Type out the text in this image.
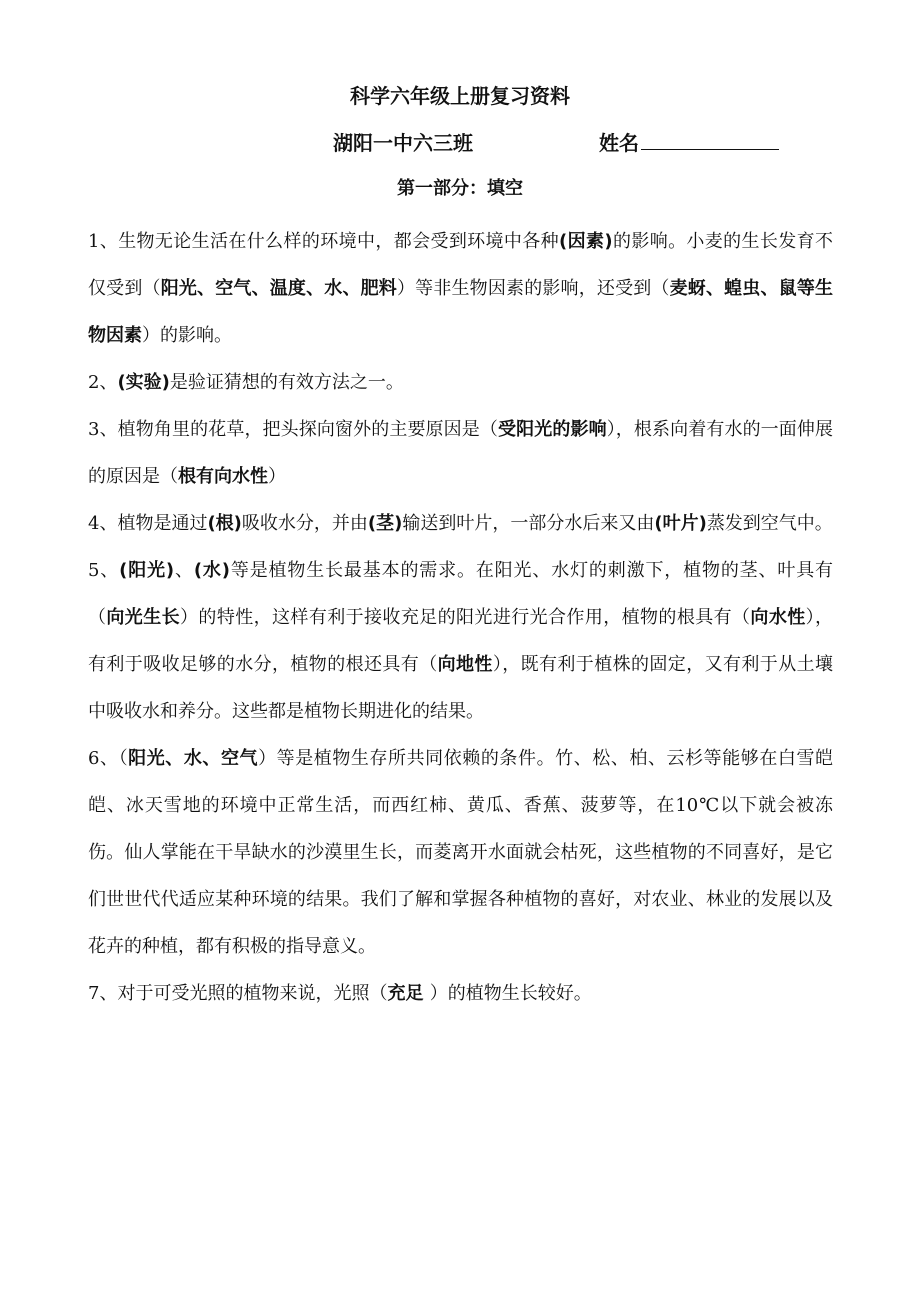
科学六年级上册复习资料
湖阳一中六三班	姓名
第一部分：填空

1、生物无论生活在什么样的环境中，都会受到环境中各种(因素)的影响。小麦的生长发育不仅受到（阳光、空气、温度、水、肥料）等非生物因素的影响，还受到（麦蚜、蝗虫、鼠等生物因素）的影响。

2、(实验)是验证猜想的有效方法之一。

3、植物角里的花草，把头探向窗外的主要原因是（受阳光的影响），根系向着有水的一面伸展的原因是（根有向水性）

4、植物是通过(根)吸收水分，并由(茎)输送到叶片，一部分水后来又由(叶片)蒸发到空气中。

5、(阳光)、(水)等是植物生长最基本的需求。在阳光、水灯的刺激下，植物的茎、叶具有（向光生长）的特性，这样有利于接收充足的阳光进行光合作用，植物的根具有（向水性），有利于吸收足够的水分，植物的根还具有（向地性），既有利于植株的固定，又有利于从土壤中吸收水和养分。这些都是植物长期进化的结果。

6、（阳光、水、空气）等是植物生存所共同依赖的条件。竹、松、柏、云杉等能够在白雪皑皑、冰天雪地的环境中正常生活，而西红柿、黄瓜、香蕉、菠萝等，在10℃以下就会被冻伤。仙人掌能在干旱缺水的沙漠里生长，而菱离开水面就会枯死，这些植物的不同喜好，是它们世世代代适应某种环境的结果。我们了解和掌握各种植物的喜好，对农业、林业的发展以及花卉的种植，都有积极的指导意义。

7、对于可受光照的植物来说，光照（充足 ）的植物生长较好。
